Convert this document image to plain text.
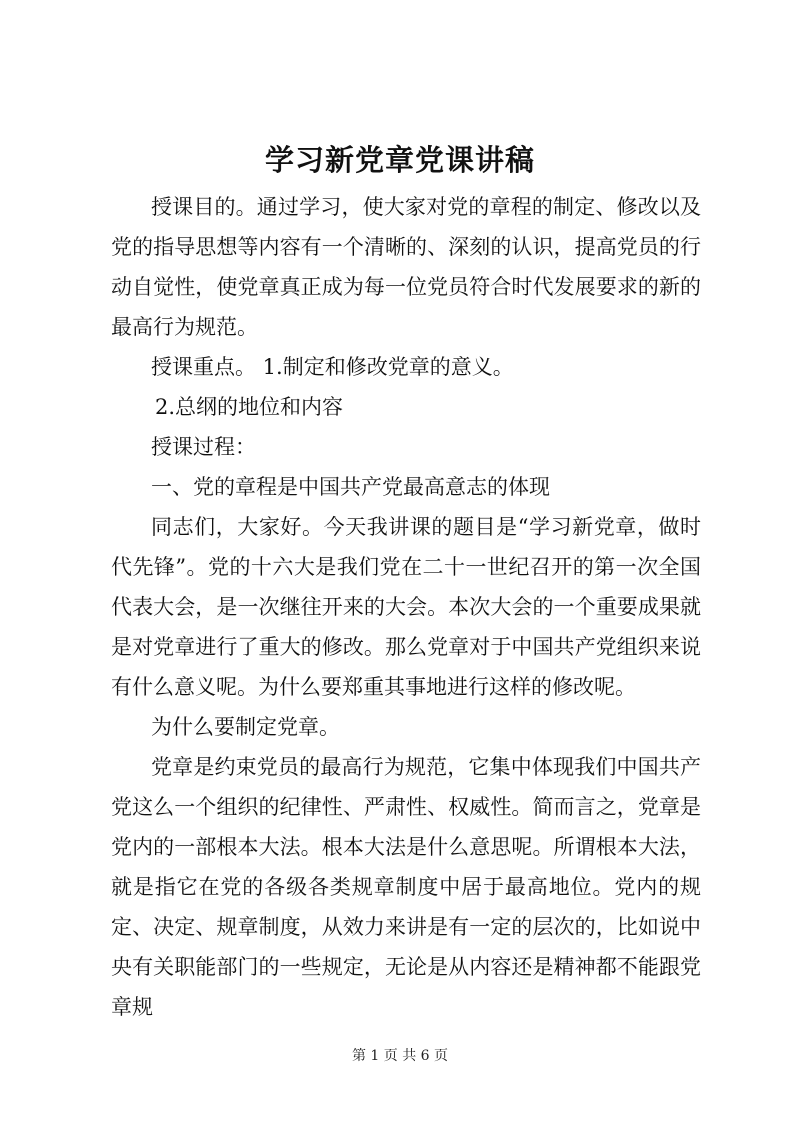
学习新党章党课讲稿

授课目的。通过学习，使大家对党的章程的制定、修改以及党的指导思想等内容有一个清晰的、深刻的认识，提高党员的行动自觉性，使党章真正成为每一位党员符合时代发展要求的新的最高行为规范。

授课重点。 1.制定和修改党章的意义。

2.总纲的地位和内容

授课过程：

一、党的章程是中国共产党最高意志的体现

同志们，大家好。今天我讲课的题目是“学习新党章，做时代先锋”。党的十六大是我们党在二十一世纪召开的第一次全国代表大会，是一次继往开来的大会。本次大会的一个重要成果就是对党章进行了重大的修改。那么党章对于中国共产党组织来说有什么意义呢。为什么要郑重其事地进行这样的修改呢。

为什么要制定党章。

党章是约束党员的最高行为规范，它集中体现我们中国共产党这么一个组织的纪律性、严肃性、权威性。简而言之，党章是党内的一部根本大法。根本大法是什么意思呢。所谓根本大法，就是指它在党的各级各类规章制度中居于最高地位。党内的规定、决定、规章制度，从效力来讲是有一定的层次的，比如说中央有关职能部门的一些规定，无论是从内容还是精神都不能跟党章规

第 1 页 共 6 页
